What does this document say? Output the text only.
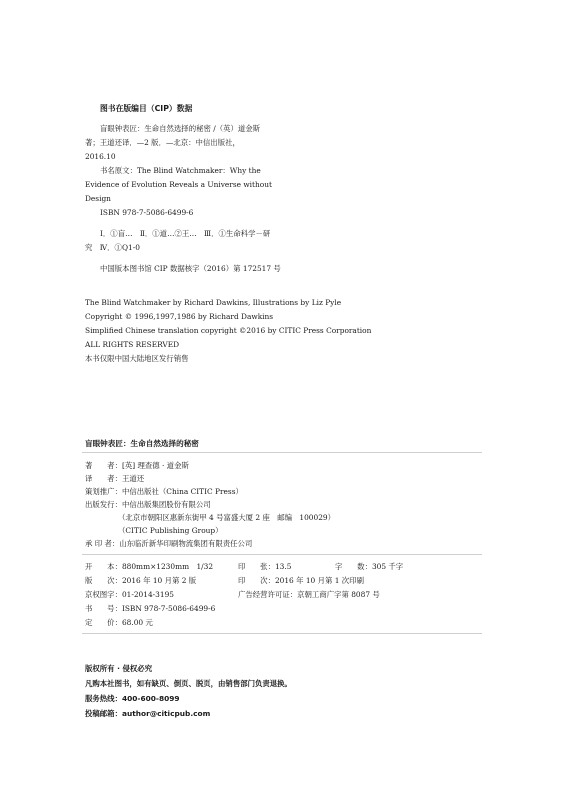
图书在版编目（CIP）数据
盲眼钟表匠：生命自然选择的秘密 /（英）道金斯
著；王道还译．—2 版．—北京：中信出版社，
2016.10
书名原文：The Blind Watchmaker：Why the
Evidence of Evolution Reveals a Universe without
Design
ISBN 978-7-5086-6499-6
Ⅰ．①盲…　Ⅱ．①道…②王…　Ⅲ．①生命科学－研
究　Ⅳ．①Q1-0
中国版本图书馆 CIP 数据核字（2016）第 172517 号
The Blind Watchmaker by Richard Dawkins, Illustrations by Liz Pyle
Copyright © 1996,1997,1986 by Richard Dawkins
Simplified Chinese translation copyright ©2016 by CITIC Press Corporation
ALL RIGHTS RESERVED
本书仅限中国大陆地区发行销售
盲眼钟表匠：生命自然选择的秘密
著　　者：[英] 理查德 · 道金斯
译　　者：王道还
策划推广：中信出版社（China CITIC Press）
出版发行：中信出版集团股份有限公司
（北京市朝阳区惠新东街甲 4 号富盛大厦 2 座　邮编　100029）
（CITIC Publishing Group）
承 印 者：山东临沂新华印刷物流集团有限责任公司
开　　本：880mm×1230mm　1/32	印　　张：13.5	字　　数：305 千字
版　　次：2016 年 10 月第 2 版	印　　次：2016 年 10 月第 1 次印刷
京权图字：01-2014-3195	广告经营许可证：京朝工商广字第 8087 号
书　　号：ISBN 978-7-5086-6499-6
定　　价：68.00 元
版权所有 · 侵权必究
凡购本社图书，如有缺页、倒页、脱页，由销售部门负责退换。
服务热线：400-600-8099
投稿邮箱：author@citicpub.com
